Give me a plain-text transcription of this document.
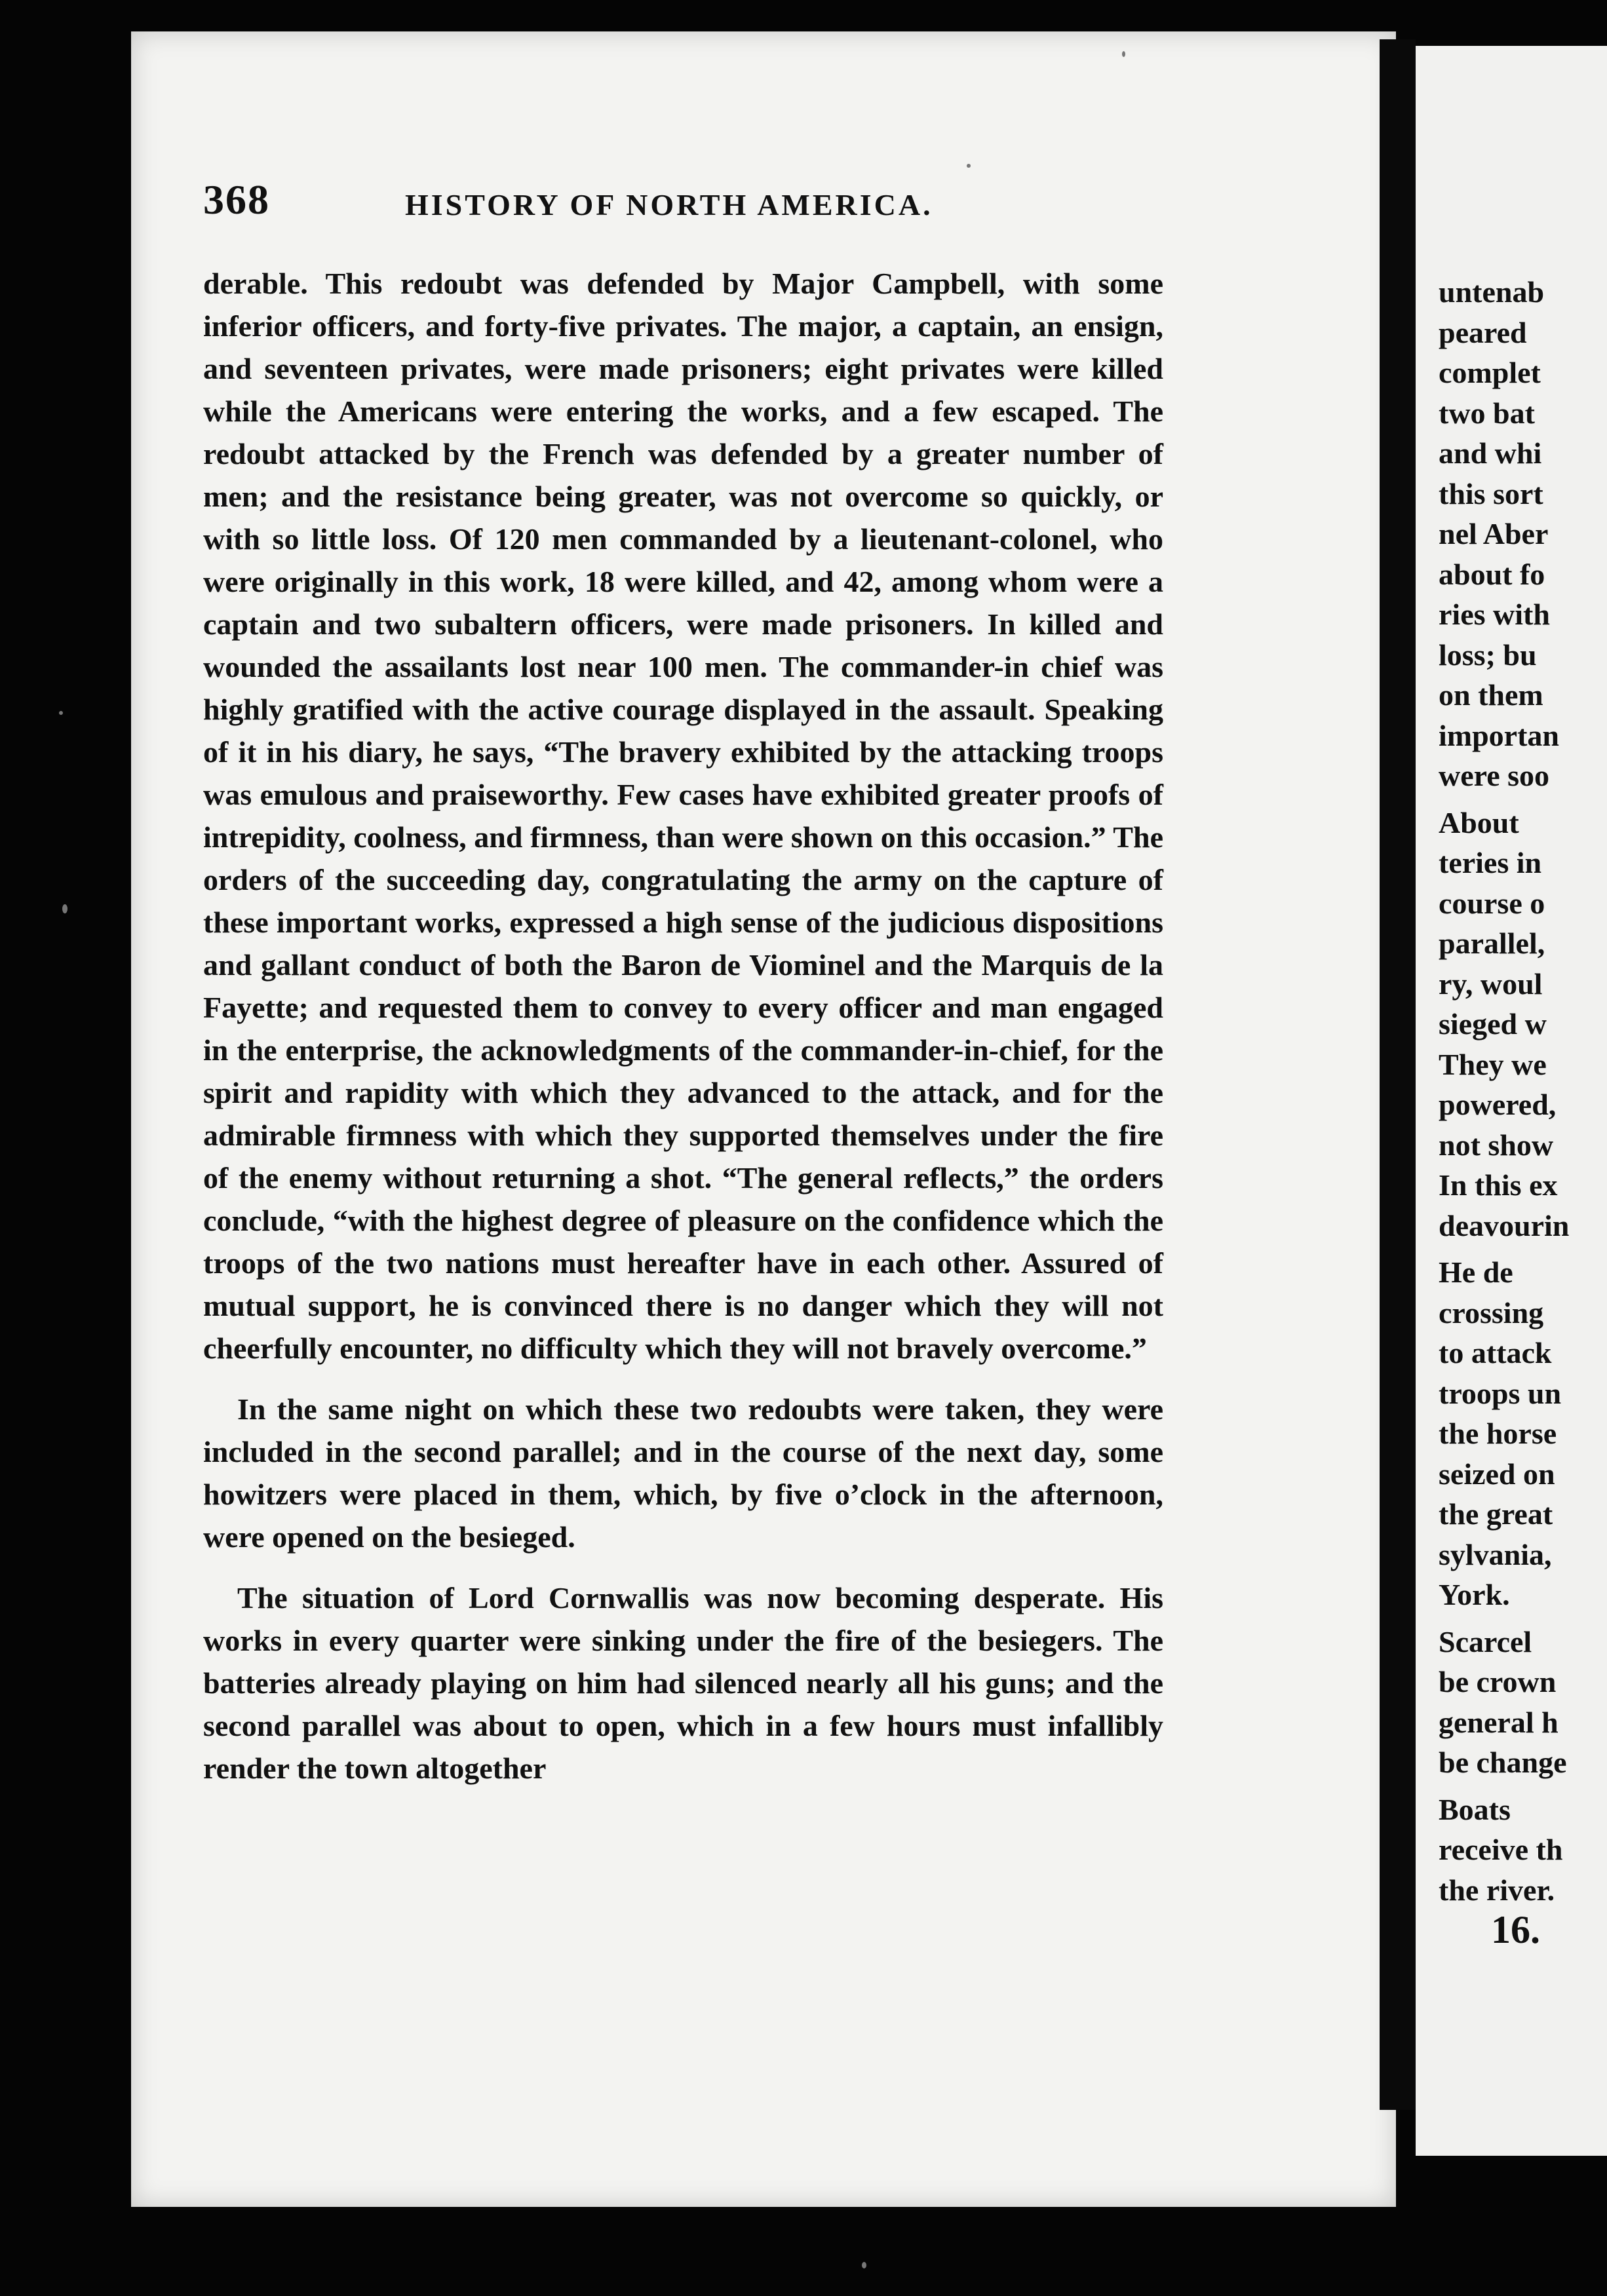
untenab
peared
complet
two bat
and whi
this sort
nel Aber
about fo
ries with
loss; bu
on them
importan
were soo
About
teries in
course o
parallel,
ry, woul
sieged w
They we
powered,
not show
In this ex
deavourin
He de
crossing
to attack
troops un
the horse
seized on
the great
sylvania,
York.
Scarcel
be crown
general h
be change
Boats
receive th
the river.
16.
368	HISTORY OF NORTH AMERICA.

derable. This redoubt was defended by Major Campbell, with some inferior officers, and forty-five privates. The major, a captain, an ensign, and seventeen privates, were made prisoners; eight privates were killed while the Americans were entering the works, and a few escaped. The redoubt attacked by the French was defended by a greater number of men; and the resistance being greater, was not overcome so quickly, or with so little loss. Of 120 men commanded by a lieutenant-colonel, who were originally in this work, 18 were killed, and 42, among whom were a captain and two subaltern officers, were made prisoners. In killed and wounded the assailants lost near 100 men. The commander-in chief was highly gratified with the active courage displayed in the assault. Speaking of it in his diary, he says, “The bravery exhibited by the attacking troops was emulous and praiseworthy. Few cases have exhibited greater proofs of intrepidity, coolness, and firmness, than were shown on this occasion.” The orders of the succeeding day, congratulating the army on the capture of these important works, expressed a high sense of the judicious dispositions and gallant conduct of both the Baron de Viominel and the Marquis de la Fayette; and requested them to convey to every officer and man engaged in the enterprise, the acknowledgments of the commander-in-chief, for the spirit and rapidity with which they advanced to the attack, and for the admirable firmness with which they supported themselves under the fire of the enemy without returning a shot. “The general reflects,” the orders conclude, “with the highest degree of pleasure on the confidence which the troops of the two nations must hereafter have in each other. Assured of mutual support, he is convinced there is no danger which they will not cheerfully encounter, no difficulty which they will not bravely overcome.”

In the same night on which these two redoubts were taken, they were included in the second parallel; and in the course of the next day, some howitzers were placed in them, which, by five o’clock in the afternoon, were opened on the besieged.

The situation of Lord Cornwallis was now becoming desperate. His works in every quarter were sinking under the fire of the besiegers. The batteries already playing on him had silenced nearly all his guns; and the second parallel was about to open, which in a few hours must infallibly render the town altogether
